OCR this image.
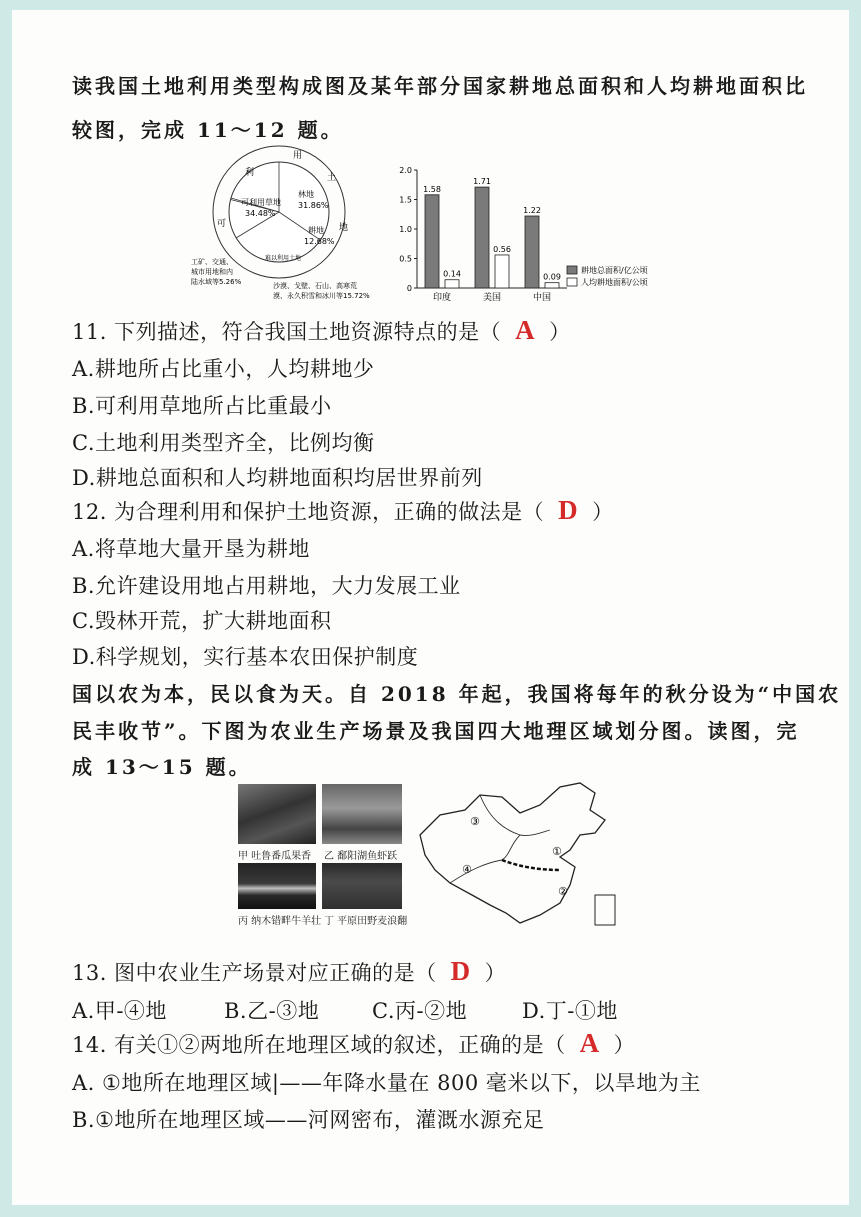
读我国土地利用类型构成图及某年部分国家耕地总面积和人均耕地面积比
较图，完成 11～12 题。
利
用
土
地
可
可利用草地
34.48%
林地
31.86%
耕地
12.68%
难以利用土地
工矿、交通、
城市用地和内
陆水域等5.26%	沙漠、戈壁、石山、高寒荒
漠、永久积雪和冰川等15.72%
0
0.5
1.0
1.5
2.0
1.58
0.14
印度
1.71
0.56
美国
1.22
0.09
中国
耕地总面积/亿公顷
人均耕地面积/公顷
11. 下列描述，符合我国土地资源特点的是（ A ）
A.耕地所占比重小，人均耕地少
B.可利用草地所占比重最小
C.土地利用类型齐全，比例均衡
D.耕地总面积和人均耕地面积均居世界前列
12. 为合理利用和保护土地资源，正确的做法是（ D ）
A.将草地大量开垦为耕地
B.允许建设用地占用耕地，大力发展工业
C.毁林开荒，扩大耕地面积
D.科学规划，实行基本农田保护制度
国以农为本，民以食为天。自 2018 年起，我国将每年的秋分设为“中国农
民丰收节”。下图为农业生产场景及我国四大地理区域划分图。读图，完
成 13～15 题。
甲 吐鲁番瓜果香 乙 鄱阳湖鱼虾跃
丙 纳木错畔牛羊壮 丁 平原田野麦浪翻
③
①
②
④
13. 图中农业生产场景对应正确的是（ D ）
A.甲-④地	B.乙-③地	C.丙-②地	D.丁-①地
14. 有关①②两地所在地理区域的叙述，正确的是（ A ）
A. ①地所在地理区域|——年降水量在 800 毫米以下，以旱地为主
B.①地所在地理区域——河网密布，灌溉水源充足
